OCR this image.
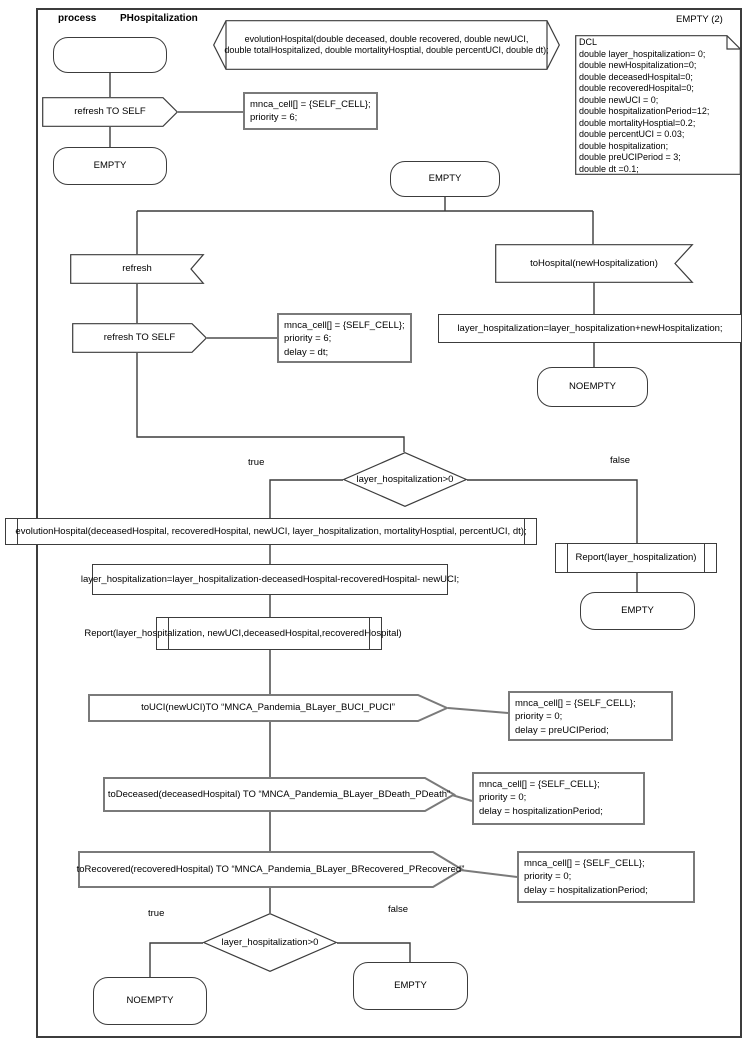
process PHospitalization	EMPTY (2)
evolutionHospital(double deceased, double recovered, double newUCI,
double totalHospitalized, double mortalityHosptial, double percentUCI, double dt);
DCL
double layer_hospitalization= 0;
double newHospitalization=0;
double deceasedHospital=0;
double recoveredHospital=0;
double newUCI = 0;
double hospitalizationPeriod=12;
double mortalityHosptial=0.2;
double percentUCI = 0.03;
double hospitalization;
double preUCIPeriod = 3;
double dt =0.1;
refresh TO SELF
mnca_cell[] = {SELF_CELL};
priority = 6;
EMPTY
EMPTY
refresh
refresh TO SELF
mnca_cell[] = {SELF_CELL};
priority = 6;
delay = dt;
toHospital(newHospitalization)
layer_hospitalization=layer_hospitalization+newHospitalization;
NOEMPTY
layer_hospitalization>0
true	false
evolutionHospital(deceasedHospital, recoveredHospital, newUCI, layer_hospitalization, mortalityHosptial, percentUCI, dt);
layer_hospitalization=layer_hospitalization-deceasedHospital-recoveredHospital- newUCI;
Report(layer_hospitalization, newUCI,deceasedHospital,recoveredHospital)
Report(layer_hospitalization)
EMPTY
toUCI(newUCI)TO “MNCA_Pandemia_BLayer_BUCI_PUCI”	mnca_cell[] = {SELF_CELL};
priority = 0;
delay = preUCIPeriod;
toDeceased(deceasedHospital) TO “MNCA_Pandemia_BLayer_BDeath_PDeath”
mnca_cell[] = {SELF_CELL};
priority = 0;
delay = hospitalizationPeriod;
toRecovered(recoveredHospital) TO “MNCA_Pandemia_BLayer_BRecovered_PRecovered”
mnca_cell[] = {SELF_CELL};
priority = 0;
delay = hospitalizationPeriod;
layer_hospitalization>0
true	false
NOEMPTY
EMPTY
